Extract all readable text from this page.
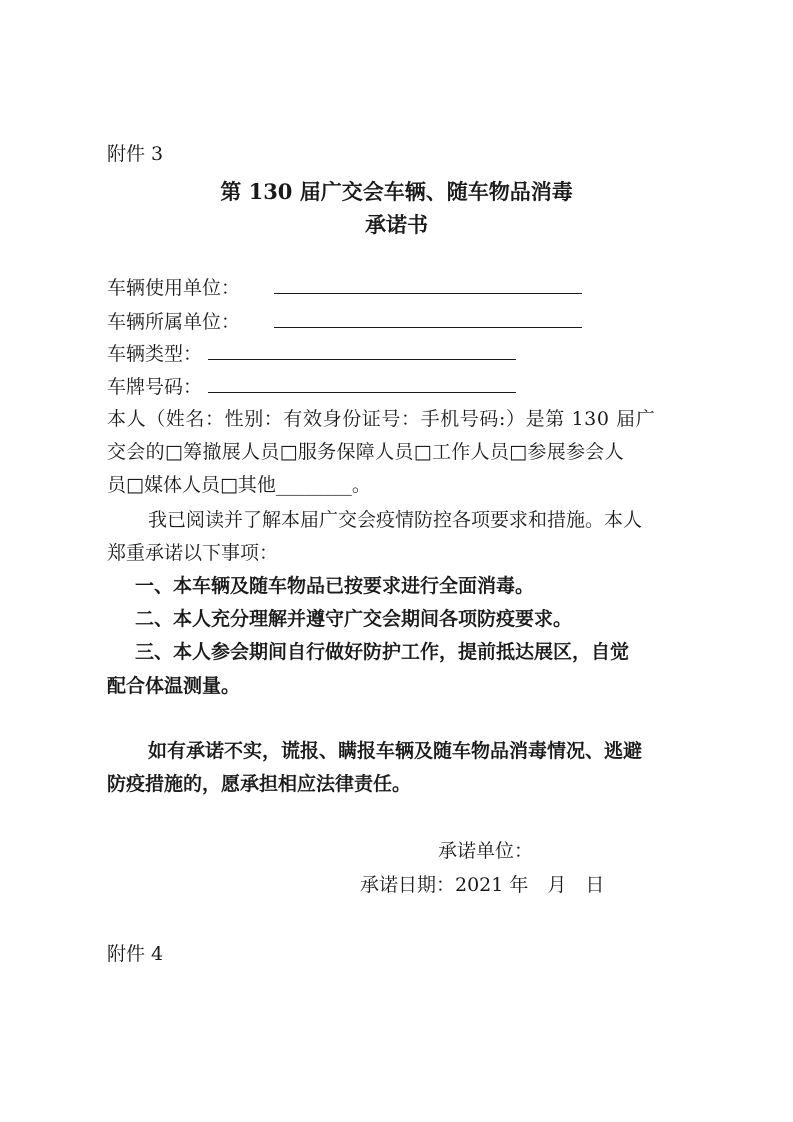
附件 3
第 130 届广交会车辆、随车物品消毒
承诺书
车辆使用单位：
车辆所属单位：
车辆类型：
车牌号码：
本人（姓名：性别：有效身份证号：手机号码:）是第 130 届广
交会的□筹撤展人员□服务保障人员□工作人员□参展参会人
员□媒体人员□其他________。
我已阅读并了解本届广交会疫情防控各项要求和措施。本人
郑重承诺以下事项：
一、本车辆及随车物品已按要求进行全面消毒。
二、本人充分理解并遵守广交会期间各项防疫要求。
三、本人参会期间自行做好防护工作，提前抵达展区，自觉
配合体温测量。
如有承诺不实，谎报、瞒报车辆及随车物品消毒情况、逃避
防疫措施的，愿承担相应法律责任。
承诺单位：
承诺日期：2021 年　月　日
附件 4
